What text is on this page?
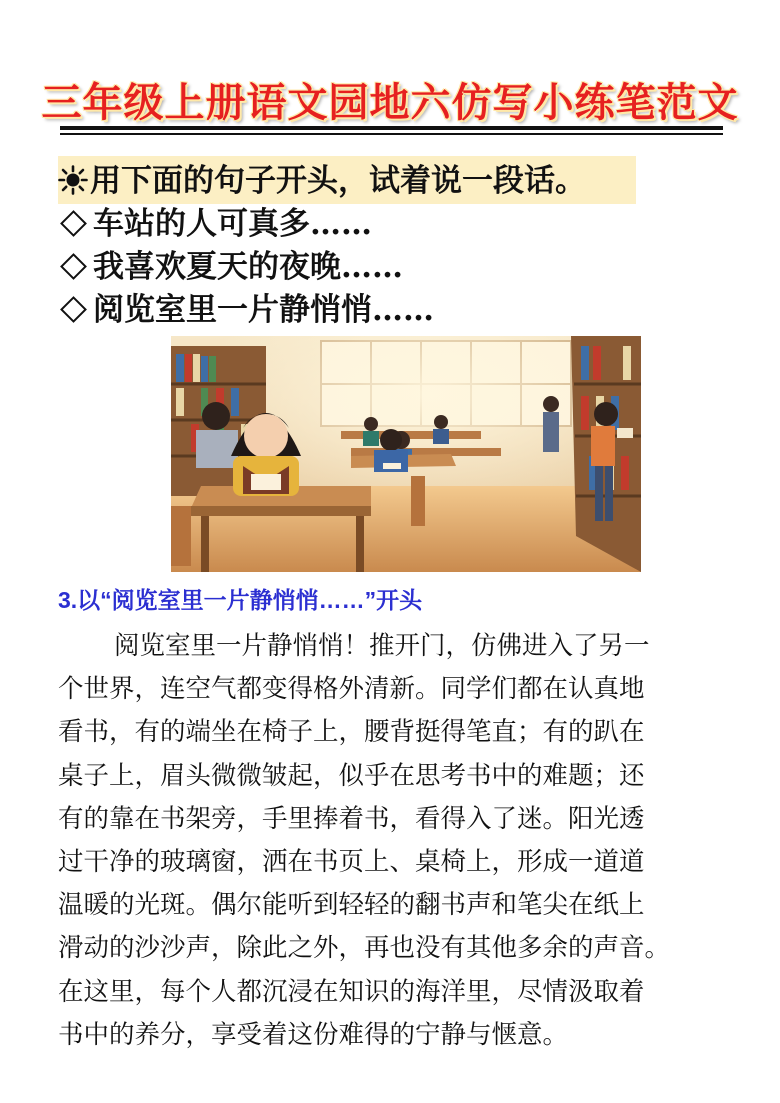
三年级上册语文园地六仿写小练笔范文
用下面的句子开头，试着说一段话。
车站的人可真多……
我喜欢夏天的夜晚……
阅览室里一片静悄悄……
3.以“阅览室里一片静悄悄……”开头
阅览室里一片静悄悄！推开门，仿佛进入了另一
个世界，连空气都变得格外清新。同学们都在认真地
看书，有的端坐在椅子上，腰背挺得笔直；有的趴在
桌子上，眉头微微皱起，似乎在思考书中的难题；还
有的靠在书架旁，手里捧着书，看得入了迷。阳光透
过干净的玻璃窗，洒在书页上、桌椅上，形成一道道
温暖的光斑。偶尔能听到轻轻的翻书声和笔尖在纸上
滑动的沙沙声，除此之外，再也没有其他多余的声音。
在这里，每个人都沉浸在知识的海洋里，尽情汲取着
书中的养分，享受着这份难得的宁静与惬意。
